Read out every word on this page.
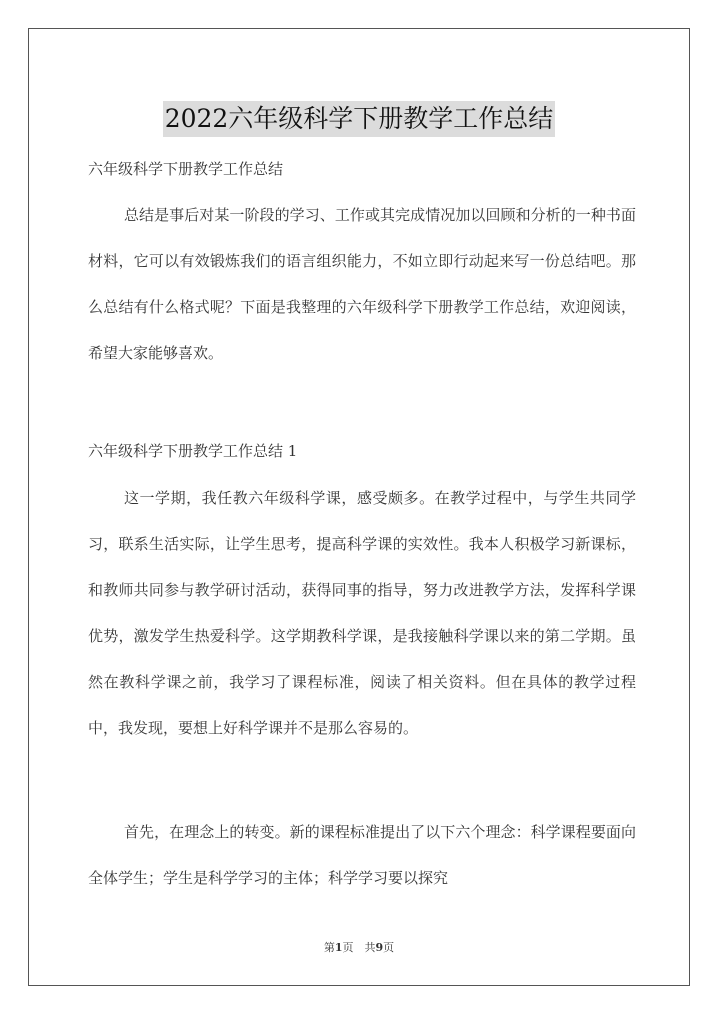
2022六年级科学下册教学工作总结
六年级科学下册教学工作总结
总结是事后对某一阶段的学习、工作或其完成情况加以回顾和分析的一种书面材料，它可以有效锻炼我们的语言组织能力，不如立即行动起来写一份总结吧。那么总结有什么格式呢？下面是我整理的六年级科学下册教学工作总结，欢迎阅读，希望大家能够喜欢。
六年级科学下册教学工作总结 1
这一学期，我任教六年级科学课，感受颇多。在教学过程中，与学生共同学习，联系生活实际，让学生思考，提高科学课的实效性。我本人积极学习新课标，和教师共同参与教学研讨活动，获得同事的指导，努力改进教学方法，发挥科学课优势，激发学生热爱科学。这学期教科学课，是我接触科学课以来的第二学期。虽然在教科学课之前，我学习了课程标准，阅读了相关资料。但在具体的教学过程中，我发现，要想上好科学课并不是那么容易的。
首先，在理念上的转变。新的课程标准提出了以下六个理念：科学课程要面向全体学生；学生是科学学习的主体；科学学习要以探究
第1页　共9页
